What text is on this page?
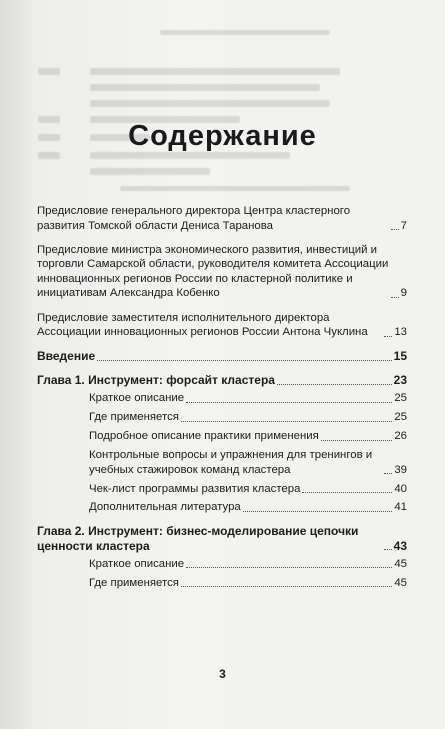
Содержание
Предисловие генерального директора Центра кластерного развития Томской области Дениса Таранова	7
Предисловие министра экономического развития, инвестиций и торговли Самарской области, руководителя комитета Ассоциации инновационных регионов России по кластерной политике и инициативам Александра Кобенко	9
Предисловие заместителя исполнительного директора Ассоциации инновационных регионов России Антона Чуклина	13
Введение	15
Глава 1. Инструмент: форсайт кластера	23
Краткое описание	25
Где применяется	25
Подробное описание практики применения	26
Контрольные вопросы и упражнения для тренингов и учебных стажировок команд кластера	39
Чек-лист программы развития кластера	40
Дополнительная литература	41
Глава 2. Инструмент: бизнес-моделирование цепочки ценности кластера	43
Краткое описание	45
Где применяется	45
3
